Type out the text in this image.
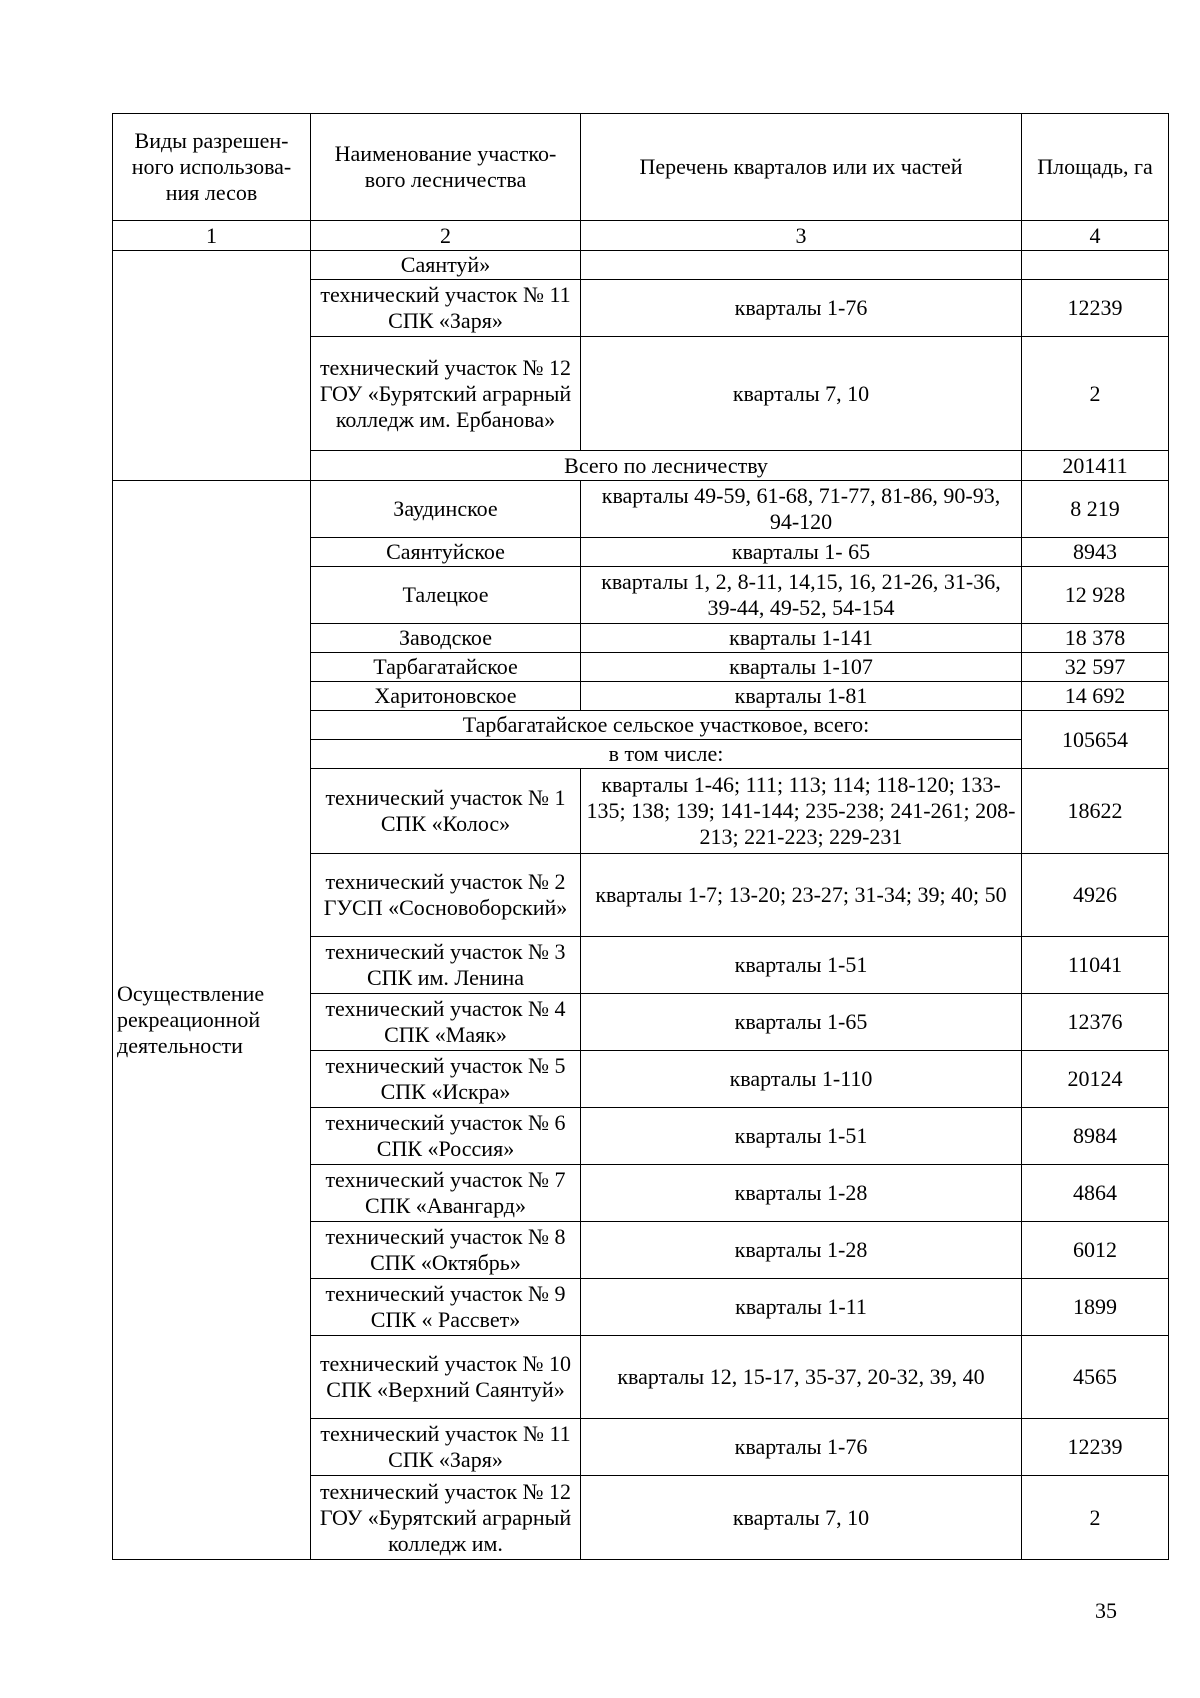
Виды разрешен-ного использова-ния лесов	Наименование участко-вого лесничества	Перечень кварталов или их частей	Площадь, га
1	2	3	4
	Саянтуй»		
	технический участок № 11 СПК «Заря»	кварталы 1-76	12239
	технический участок № 12 ГОУ «Бурятский аграрный колледж им. Ербанова»	кварталы 7, 10	2
	Всего по лесничеству		201411
Осуществление рекреационной деятельности	Заудинское	кварталы 49-59, 61-68, 71-77, 81-86, 90-93, 94-120	8 219
	Саянтуйское	кварталы 1- 65	8943
	Талецкое	кварталы 1, 2, 8-11, 14,15, 16, 21-26, 31-36, 39-44, 49-52, 54-154	12 928
	Заводское	кварталы 1-141	18 378
	Тарбагатайское	кварталы 1-107	32 597
	Харитоновское	кварталы 1-81	14 692
	Тарбагатайское сельское участковое, всего:		105654
	в том числе:		
	технический участок № 1 СПК «Колос»	кварталы 1-46; 111; 113; 114; 118-120; 133-135; 138; 139; 141-144; 235-238; 241-261; 208-213; 221-223; 229-231	18622
	технический участок № 2 ГУСП «Сосновоборский»	кварталы 1-7; 13-20; 23-27; 31-34; 39; 40; 50	4926
	технический участок № 3 СПК им. Ленина	кварталы 1-51	11041
	технический участок № 4 СПК «Маяк»	кварталы 1-65	12376
	технический участок № 5 СПК «Искра»	кварталы 1-110	20124
	технический участок № 6 СПК «Россия»	кварталы 1-51	8984
	технический участок № 7 СПК «Авангард»	кварталы 1-28	4864
	технический участок № 8 СПК «Октябрь»	кварталы 1-28	6012
	технический участок № 9 СПК « Рассвет»	кварталы 1-11	1899
	технический участок № 10 СПК «Верхний Саянтуй»	кварталы 12, 15-17, 35-37, 20-32, 39, 40	4565
	технический участок № 11 СПК «Заря»	кварталы 1-76	12239
	технический участок № 12 ГОУ «Бурятский аграрный колледж им.	кварталы 7, 10	2
35
